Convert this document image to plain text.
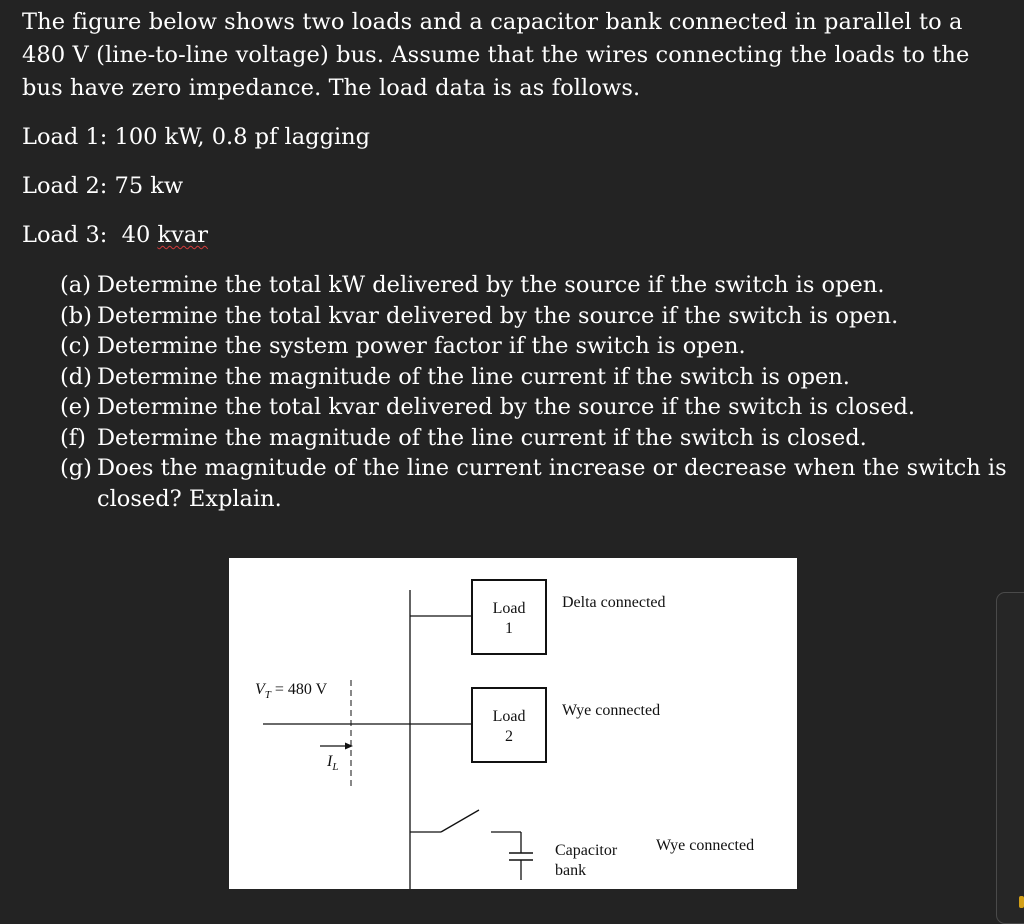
The figure below shows two loads and a capacitor bank connected in parallel to a 480 V (line-to-line voltage) bus. Assume that the wires connecting the loads to the bus have zero impedance. The load data is as follows.

Load 1: 100 kW, 0.8 pf lagging

Load 2: 75 kw

Load 3:  40 kvar

(a) Determine the total kW delivered by the source if the switch is open.
(b) Determine the total kvar delivered by the source if the switch is open.
(c) Determine the system power factor if the switch is open.
(d) Determine the magnitude of the line current if the switch is open.
(e) Determine the total kvar delivered by the source if the switch is closed.
(f) Determine the magnitude of the line current if the switch is closed.
(g) Does the magnitude of the line current increase or decrease when the switch is closed? Explain.
$V_T = 480$ V
$I_L$
Load
1
Delta connected
Load
2
Wye connected
Capacitor
bank
Wye connected
